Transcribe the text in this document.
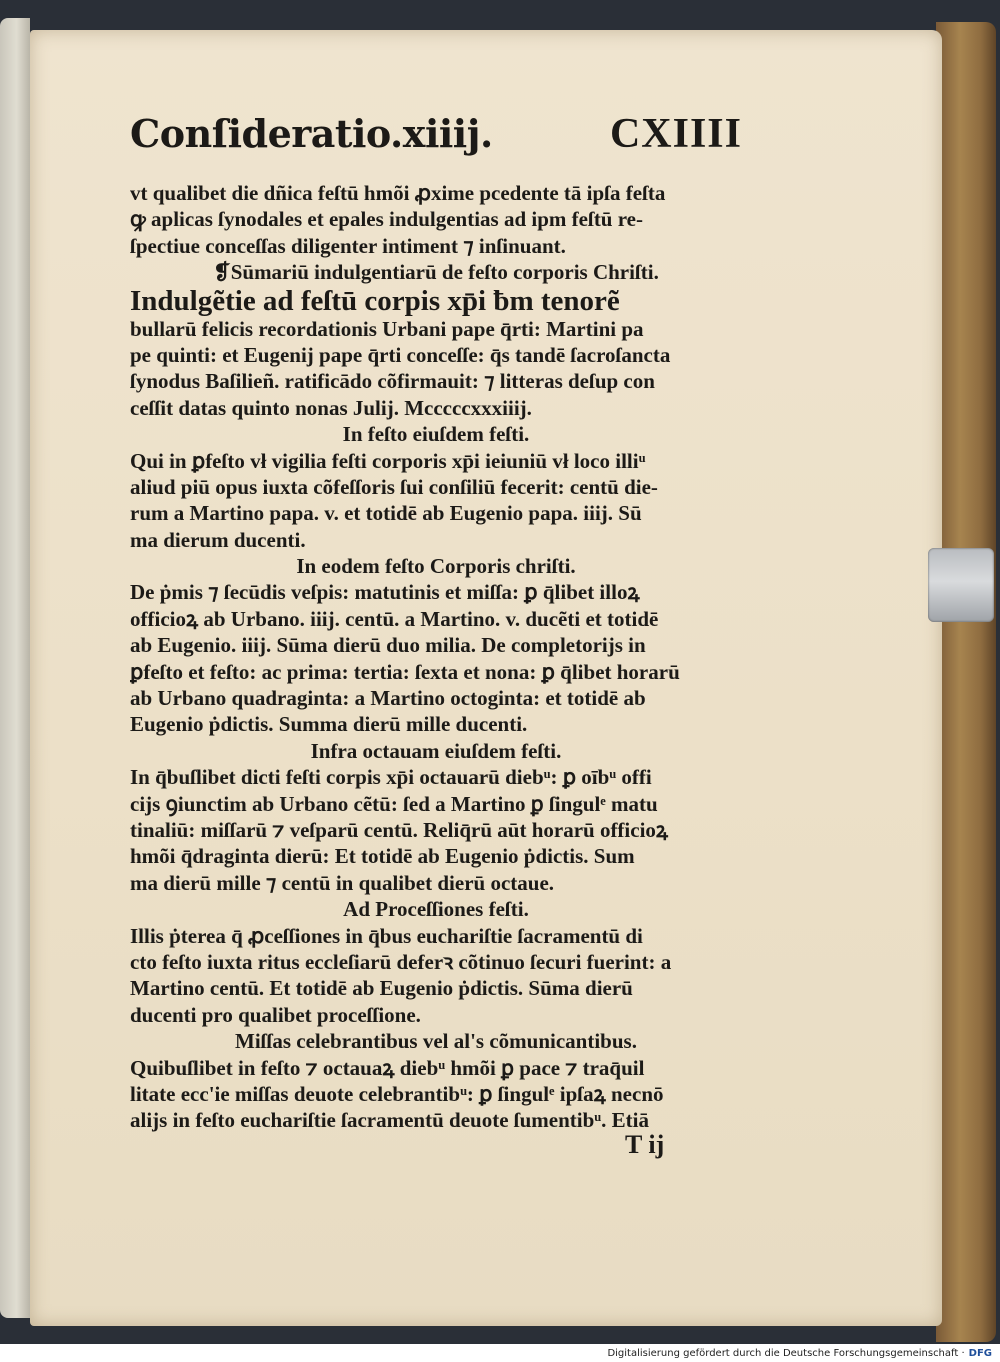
Conſideratio.xiiij.	CXIIII
vt qualibet die dñica feſtū hmõi ꝓxime pcedente tā ipſa feſtaᷓ
ꝙ aplicas ſynodales et epales indulgentias ad ipm feſtū re-
ſpectiue conceſſas diligenter intiment ⁊ inſinuant.
❡Sūmariū indulgentiarū de feſto corporis Chriſti.
Indulgẽtie ad feſtū corpis xp̄i ƀm tenorẽ
bullarū felicis recordationis Urbani pape q̄rti: Martini pa
pe quinti: et Eugenij pape q̄rti conceſſe: q̄s tandē ſacroſancta
ſynodus Baſilieñ. ratificādo cõfirmauit: ⁊ litteras deſup con
ceſſit datas quinto nonas Julij. Mcccccxxxiiij.
In feſto eiuſdem feſti.
Qui in ꝑfeſto vł vigilia feſti corporis xp̄i ieiuniū vł loco illiᵘ
aliud piū opus iuxta cõfeſſoris ſui conſiliū fecerit: centū die-
rum a Martino papa. v. et totidē ab Eugenio papa. iiij. Sū
ma dierum ducenti.
In eodem feſto Corporis chriſti.
De ṗmis ⁊ ſecūdis veſpis: matutinis et miſſa: ꝑ q̄libet illoꝝ
officioꝝ ab Urbano. iiij. centū. a Martino. v. ducẽti et totidē
ab Eugenio. iiij. Sūma dierū duo milia. De completorijs in
ꝑfeſto et feſto: ac prima: tertia: ſexta et nona: ꝑ q̄libet horarū
ab Urbano quadraginta: a Martino octoginta: et totidē ab
Eugenio ṗdictis. Summa dierū mille ducenti.
Infra octauam eiuſdem feſti.
In q̄buſlibet dicti feſti corpis xp̄i octauarū diebᵘ: ꝑ oībᵘ offi
cijs ꝯiunctim ab Urbano cẽtū: ſed a Martino ꝑ ſingulᵉ matu
tinaliū: miſſarū ⁊ veſparū centū. Reliq̄rū aūt horarū officioꝝ
hmõi q̄draginta dierū: Et totidē ab Eugenio ṗdictis. Sum
ma dierū mille ⁊ centū in qualibet dierū octaue.
Ad Proceſſiones feſti.
Illis ṗterea q̄ ꝓceſſiones in q̄bus euchariſtie ſacramentū di
cto feſto iuxta ritus eccleſiarū deferꝛ cõtinuo ſecuri fuerint: a
Martino centū. Et totidē ab Eugenio ṗdictis. Sūma dierū
ducenti pro qualibet proceſſione.
Miſſas celebrantibus vel al's cõmunicantibus.
Quibuſlibet in feſto ⁊ octauaꝝ diebᵘ hmõi ꝑ pace ⁊ traq̄uil
litate ecc'ie miſſas deuote celebrantibᵘ: ꝑ ſingulᵉ ipſaꝝ necnō
alijs in feſto euchariſtie ſacramentū deuote ſumentibᵘ. Etiā
T ij
Digitalisierung gefördert durch die Deutsche Forschungsgemeinschaft · DFG
